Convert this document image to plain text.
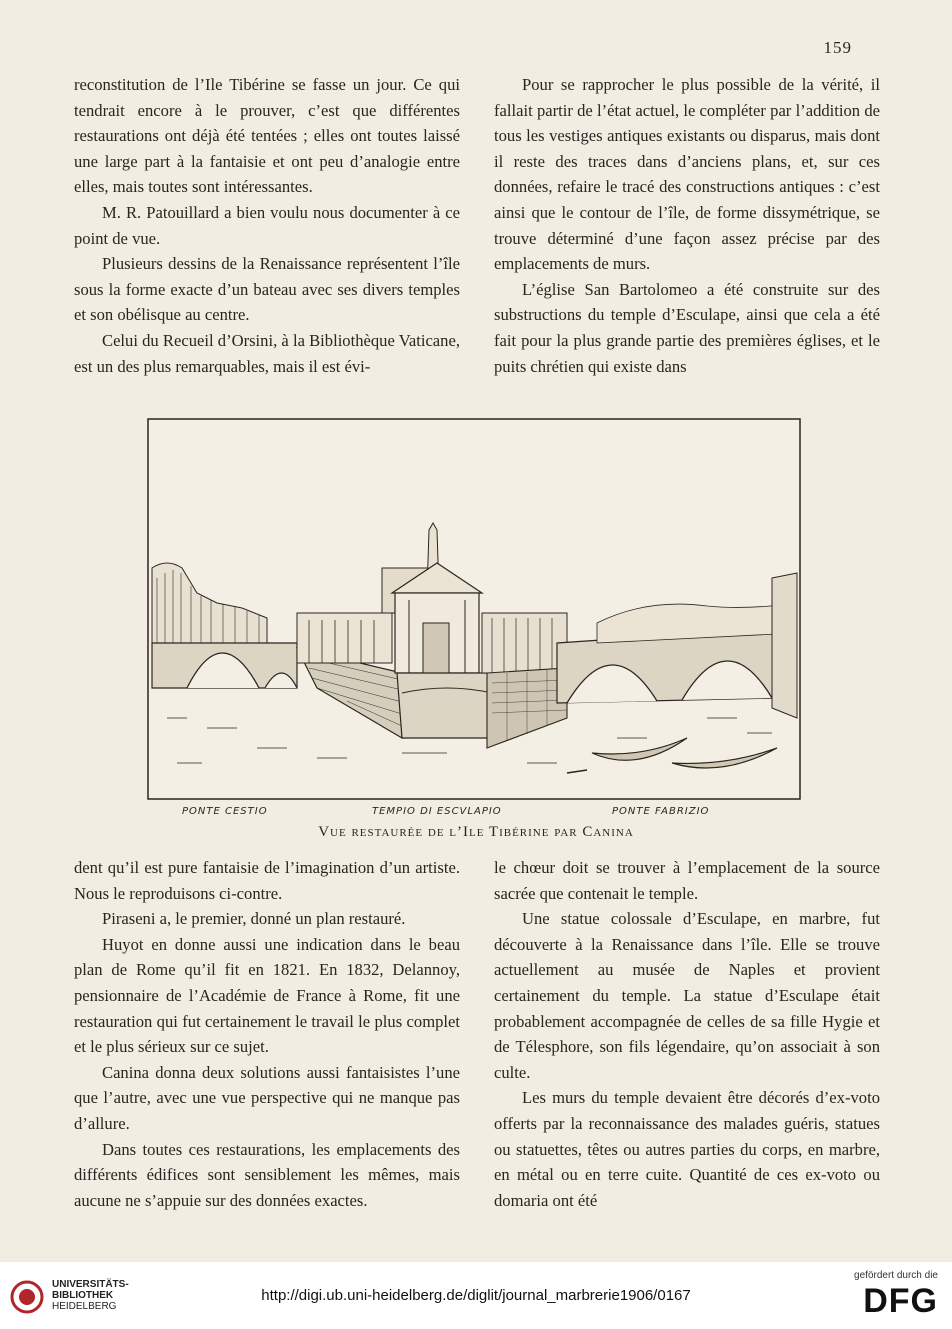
159

reconstitution de l’Ile Tibérine se fasse un jour. Ce qui tendrait encore à le prouver, c’est que différentes restaurations ont déjà été tentées ; elles ont toutes laissé une large part à la fantaisie et ont peu d’analogie entre elles, mais toutes sont intéressantes.

M. R. Patouillard a bien voulu nous documenter à ce point de vue.

Plusieurs dessins de la Renaissance représentent l’île sous la forme exacte d’un bateau avec ses divers temples et son obélisque au centre.

Celui du Recueil d’Orsini, à la Bibliothèque Vaticane, est un des plus remarquables, mais il est évi-

Pour se rapprocher le plus possible de la vérité, il fallait partir de l’état actuel, le compléter par l’addition de tous les vestiges antiques existants ou disparus, mais dont il reste des traces dans d’anciens plans, et, sur ces données, refaire le tracé des constructions antiques : c’est ainsi que le contour de l’île, de forme dissymétrique, se trouve déterminé d’une façon assez précise par des emplacements de murs.

L’église San Bartolomeo a été construite sur des substructions du temple d’Esculape, ainsi que cela a été fait pour la plus grande partie des premières églises, et le puits chrétien qui existe dans

PONTE CESTIO	TEMPIO DI ESCVLAPIO	PONTE FABRIZIO
Vue restaurée de l’Ile Tibérine par Canina

dent qu’il est pure fantaisie de l’imagination d’un artiste. Nous le reproduisons ci-contre.

Piraseni a, le premier, donné un plan restauré.

Huyot en donne aussi une indication dans le beau plan de Rome qu’il fit en 1821. En 1832, Delannoy, pensionnaire de l’Académie de France à Rome, fit une restauration qui fut certainement le travail le plus complet et le plus sérieux sur ce sujet.

Canina donna deux solutions aussi fantaisistes l’une que l’autre, avec une vue perspective qui ne manque pas d’allure.

Dans toutes ces restaurations, les emplacements des différents édifices sont sensiblement les mêmes, mais aucune ne s’appuie sur des données exactes.

le chœur doit se trouver à l’emplacement de la source sacrée que contenait le temple.

Une statue colossale d’Esculape, en marbre, fut découverte à la Renaissance dans l’île. Elle se trouve actuellement au musée de Naples et provient certainement du temple. La statue d’Esculape était probablement accompagnée de celles de sa fille Hygie et de Télesphore, son fils légendaire, qu’on associait à son culte.

Les murs du temple devaient être décorés d’ex-voto offerts par la reconnaissance des malades guéris, statues ou statuettes, têtes ou autres parties du corps, en marbre, en métal ou en terre cuite. Quantité de ces ex-voto ou domaria ont été

UNIVERSITÄTS-
BIBLIOTHEK
HEIDELBERG
http://digi.ub.uni-heidelberg.de/diglit/journal_marbrerie1906/0167
gefördert durch die
DFG
